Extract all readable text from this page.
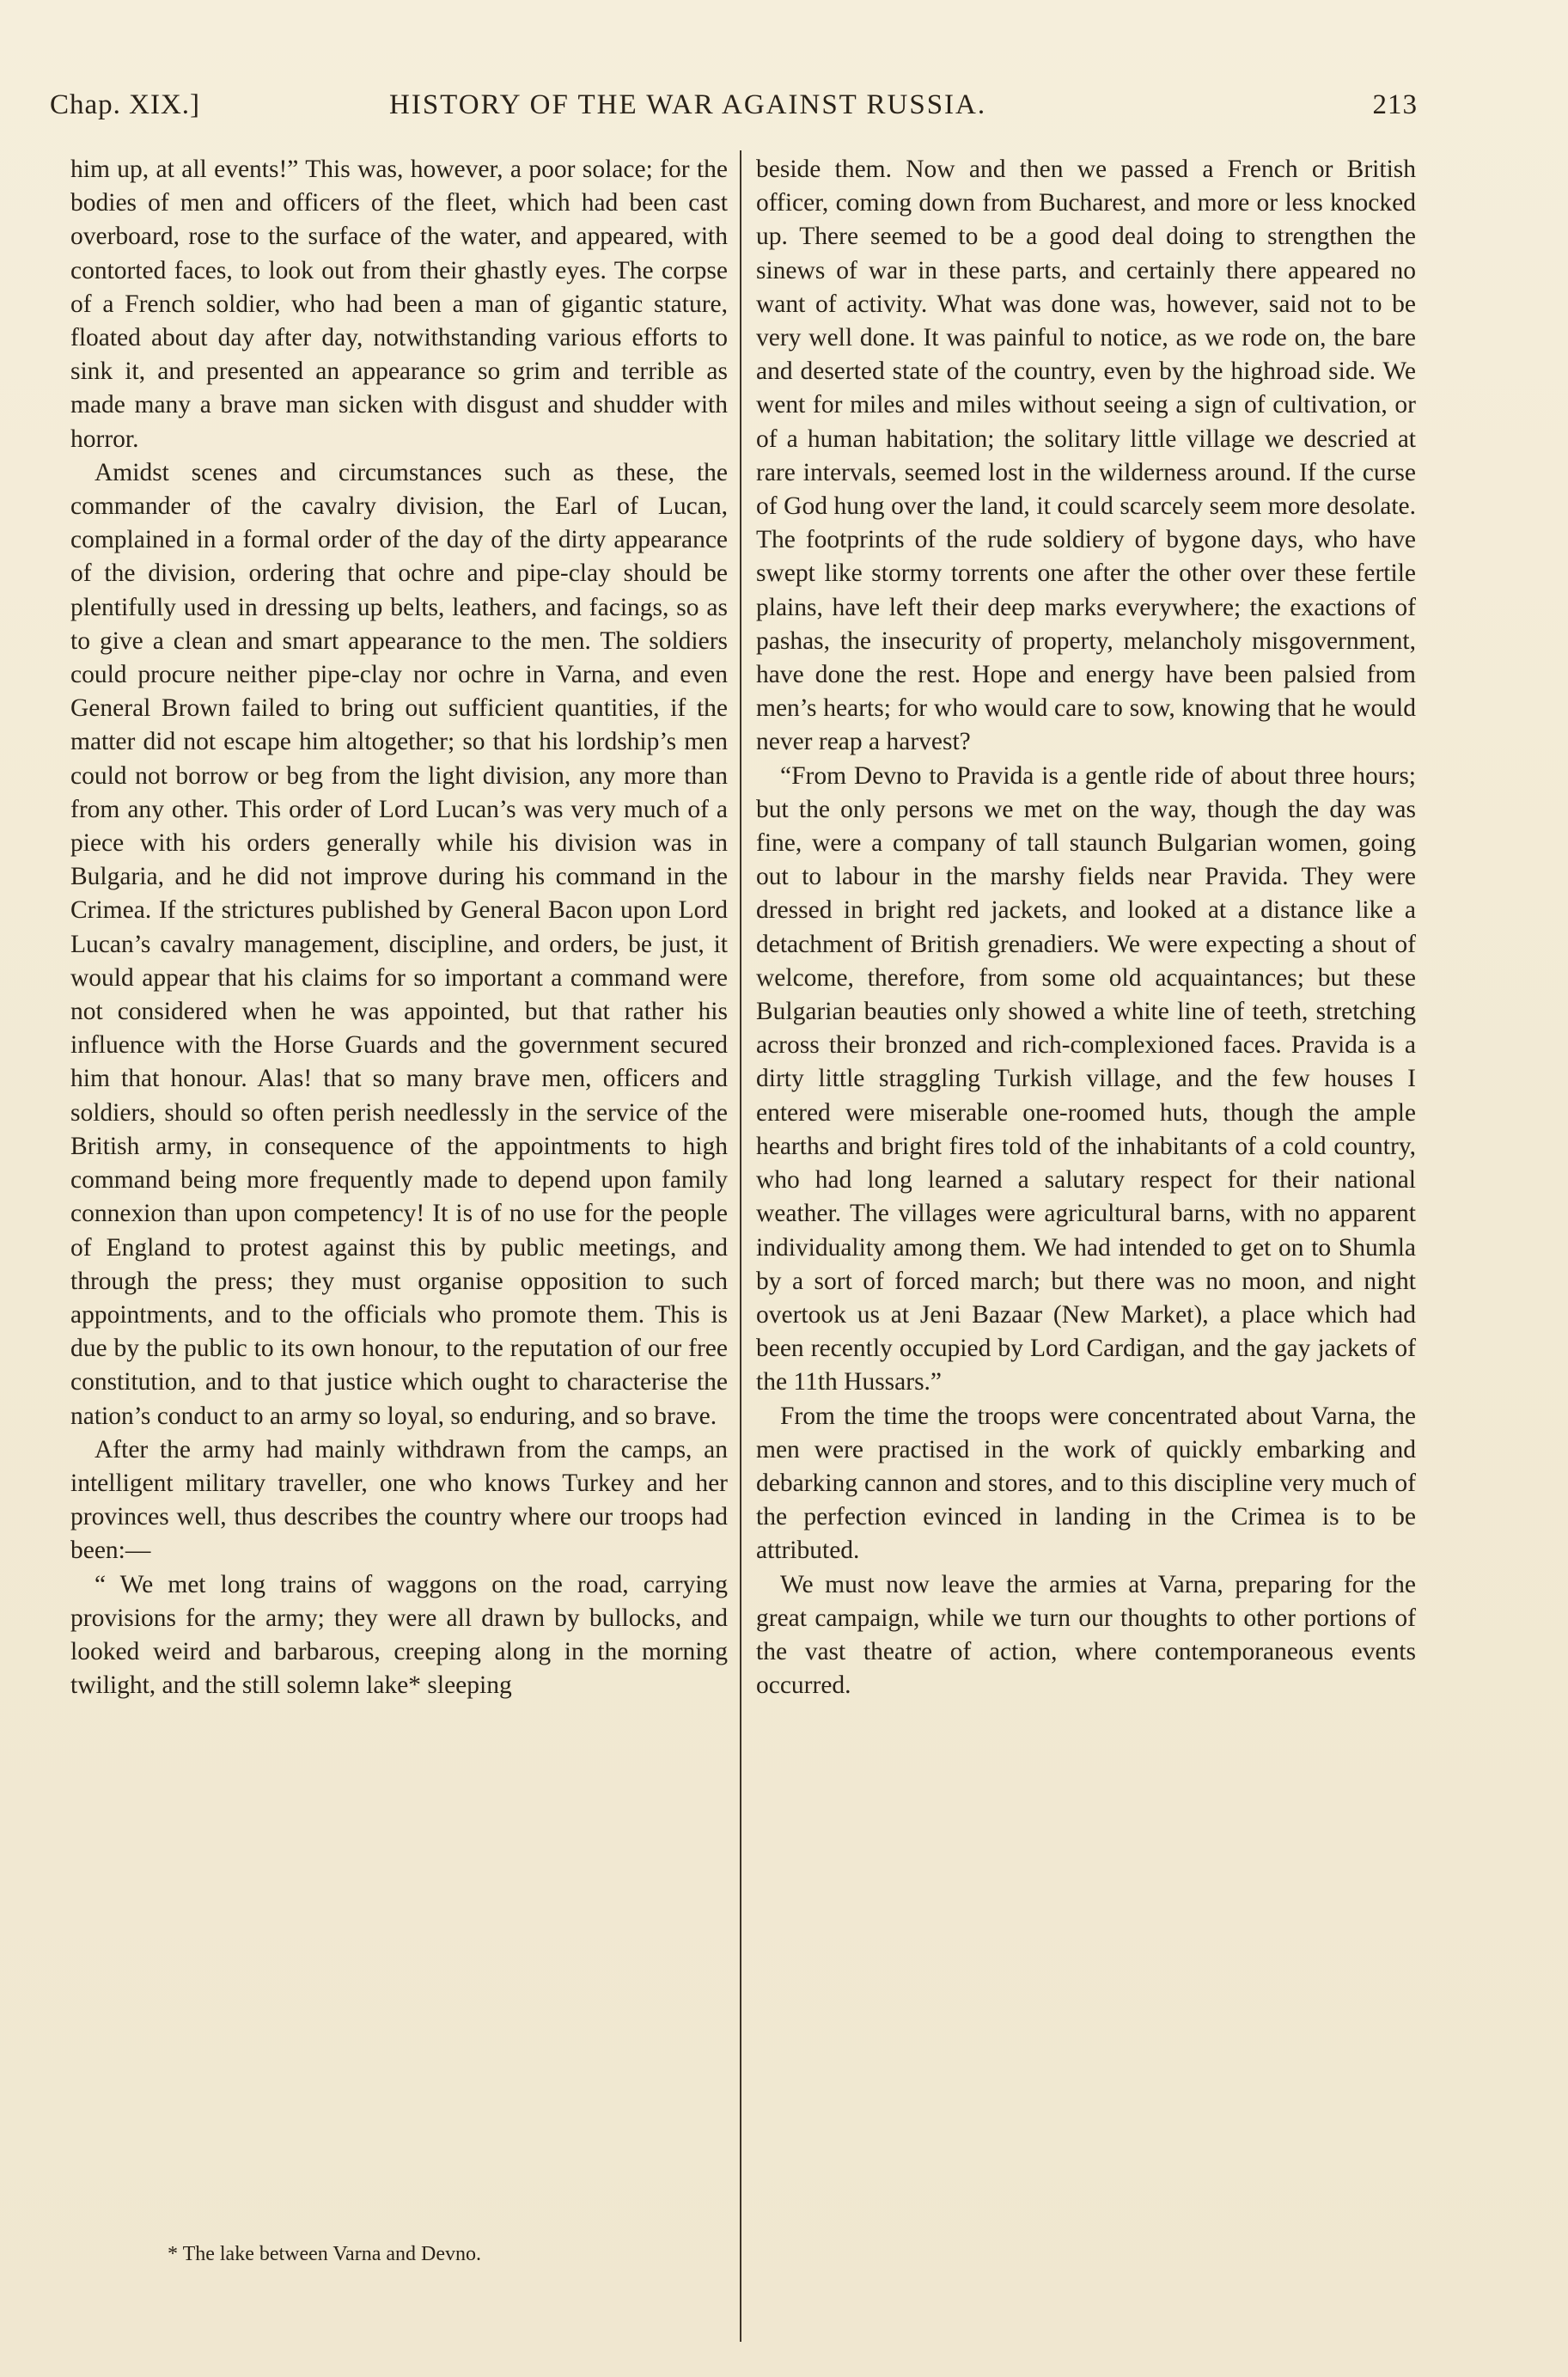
Chap. XIX.]	HISTORY OF THE WAR AGAINST RUSSIA.	213

him up, at all events!” This was, however, a poor solace; for the bodies of men and officers of the fleet, which had been cast overboard, rose to the surface of the water, and appeared, with contorted faces, to look out from their ghastly eyes. The corpse of a French soldier, who had been a man of gigantic stature, floated about day after day, notwithstanding various efforts to sink it, and presented an appearance so grim and terrible as made many a brave man sicken with disgust and shudder with horror.

Amidst scenes and circumstances such as these, the commander of the cavalry division, the Earl of Lucan, complained in a formal order of the day of the dirty appearance of the division, ordering that ochre and pipe-clay should be plentifully used in dressing up belts, leathers, and facings, so as to give a clean and smart appearance to the men. The soldiers could procure neither pipe-clay nor ochre in Varna, and even General Brown failed to bring out sufficient quantities, if the matter did not escape him altogether; so that his lordship’s men could not borrow or beg from the light division, any more than from any other. This order of Lord Lucan’s was very much of a piece with his orders generally while his division was in Bulgaria, and he did not improve during his command in the Crimea. If the strictures published by General Bacon upon Lord Lucan’s cavalry management, discipline, and orders, be just, it would appear that his claims for so important a command were not considered when he was appointed, but that rather his influence with the Horse Guards and the government secured him that honour. Alas! that so many brave men, officers and soldiers, should so often perish needlessly in the service of the British army, in consequence of the appointments to high command being more frequently made to depend upon family connexion than upon competency! It is of no use for the people of England to protest against this by public meetings, and through the press; they must organise opposition to such appointments, and to the officials who promote them. This is due by the public to its own honour, to the reputation of our free constitution, and to that justice which ought to characterise the nation’s conduct to an army so loyal, so enduring, and so brave.

After the army had mainly withdrawn from the camps, an intelligent military traveller, one who knows Turkey and her provinces well, thus describes the country where our troops had been:—

“ We met long trains of waggons on the road, carrying provisions for the army; they were all drawn by bullocks, and looked weird and barbarous, creeping along in the morning twilight, and the still solemn lake* sleeping

beside them. Now and then we passed a French or British officer, coming down from Bucharest, and more or less knocked up. There seemed to be a good deal doing to strengthen the sinews of war in these parts, and certainly there appeared no want of activity. What was done was, however, said not to be very well done. It was painful to notice, as we rode on, the bare and deserted state of the country, even by the highroad side. We went for miles and miles without seeing a sign of cultivation, or of a human habitation; the solitary little village we descried at rare intervals, seemed lost in the wilderness around. If the curse of God hung over the land, it could scarcely seem more desolate. The footprints of the rude soldiery of bygone days, who have swept like stormy torrents one after the other over these fertile plains, have left their deep marks everywhere; the exactions of pashas, the insecurity of property, melancholy misgovernment, have done the rest. Hope and energy have been palsied from men’s hearts; for who would care to sow, knowing that he would never reap a harvest?

“From Devno to Pravida is a gentle ride of about three hours; but the only persons we met on the way, though the day was fine, were a company of tall staunch Bulgarian women, going out to labour in the marshy fields near Pravida. They were dressed in bright red jackets, and looked at a distance like a detachment of British grenadiers. We were expecting a shout of welcome, therefore, from some old acquaintances; but these Bulgarian beauties only showed a white line of teeth, stretching across their bronzed and rich-complexioned faces. Pravida is a dirty little straggling Turkish village, and the few houses I entered were miserable one-roomed huts, though the ample hearths and bright fires told of the inhabitants of a cold country, who had long learned a salutary respect for their national weather. The villages were agricultural barns, with no apparent individuality among them. We had intended to get on to Shumla by a sort of forced march; but there was no moon, and night overtook us at Jeni Bazaar (New Market), a place which had been recently occupied by Lord Cardigan, and the gay jackets of the 11th Hussars.”

From the time the troops were concentrated about Varna, the men were practised in the work of quickly embarking and debarking cannon and stores, and to this discipline very much of the perfection evinced in landing in the Crimea is to be attributed.

We must now leave the armies at Varna, preparing for the great campaign, while we turn our thoughts to other portions of the vast theatre of action, where contemporaneous events occurred.

* The lake between Varna and Devno.
